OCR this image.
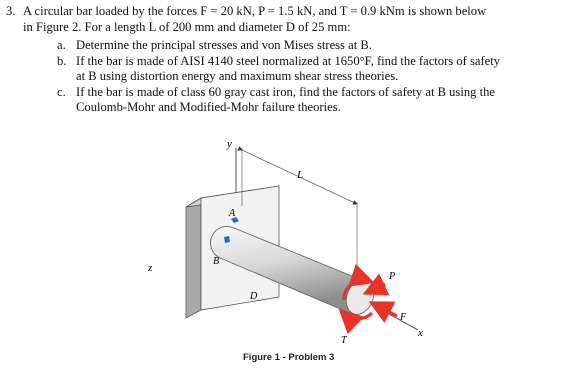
3. A circular bar loaded by the forces F = 20 kN, P = 1.5 kN, and T = 0.9 kNm is shown below
in Figure 2. For a length L of 200 mm and diameter D of 25 mm:
a. Determine the principal stresses and von Mises stress at B.
b. If the bar is made of AISI 4140 steel normalized at 1650°F, find the factors of safety
at B using distortion energy and maximum shear stress theories.
c. If the bar is made of class 60 gray cast iron, find the factors of safety at B using the
Coulomb-Mohr and Modified-Mohr failure theories.
y
L
z
A
B
D
x
P
F
T
Figure 1 - Problem 3
